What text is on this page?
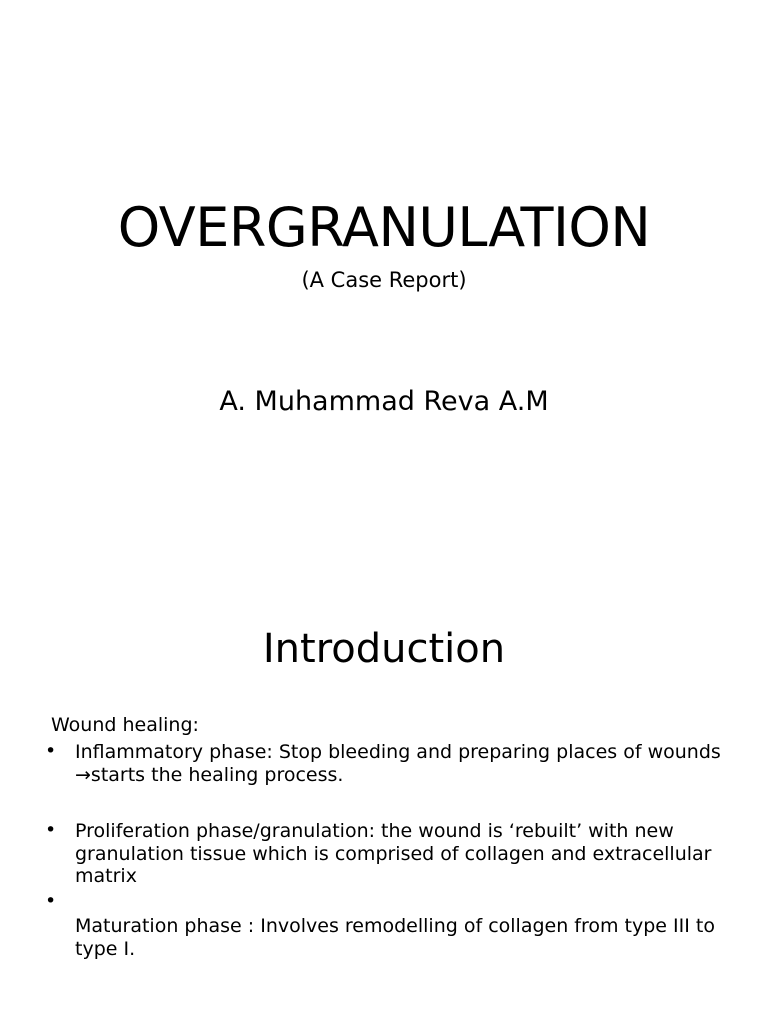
OVERGRANULATION
(A Case Report)
A. Muhammad Reva A.M
Introduction
Wound healing:
• Inflammatory phase: Stop bleeding and preparing places of wounds
→starts the healing process.
• Proliferation phase/granulation: the wound is ‘rebuilt’ with new granulation tissue which is comprised of collagen and extracellular matrix
•
Maturation phase : Involves remodelling of collagen from type III to type I.
